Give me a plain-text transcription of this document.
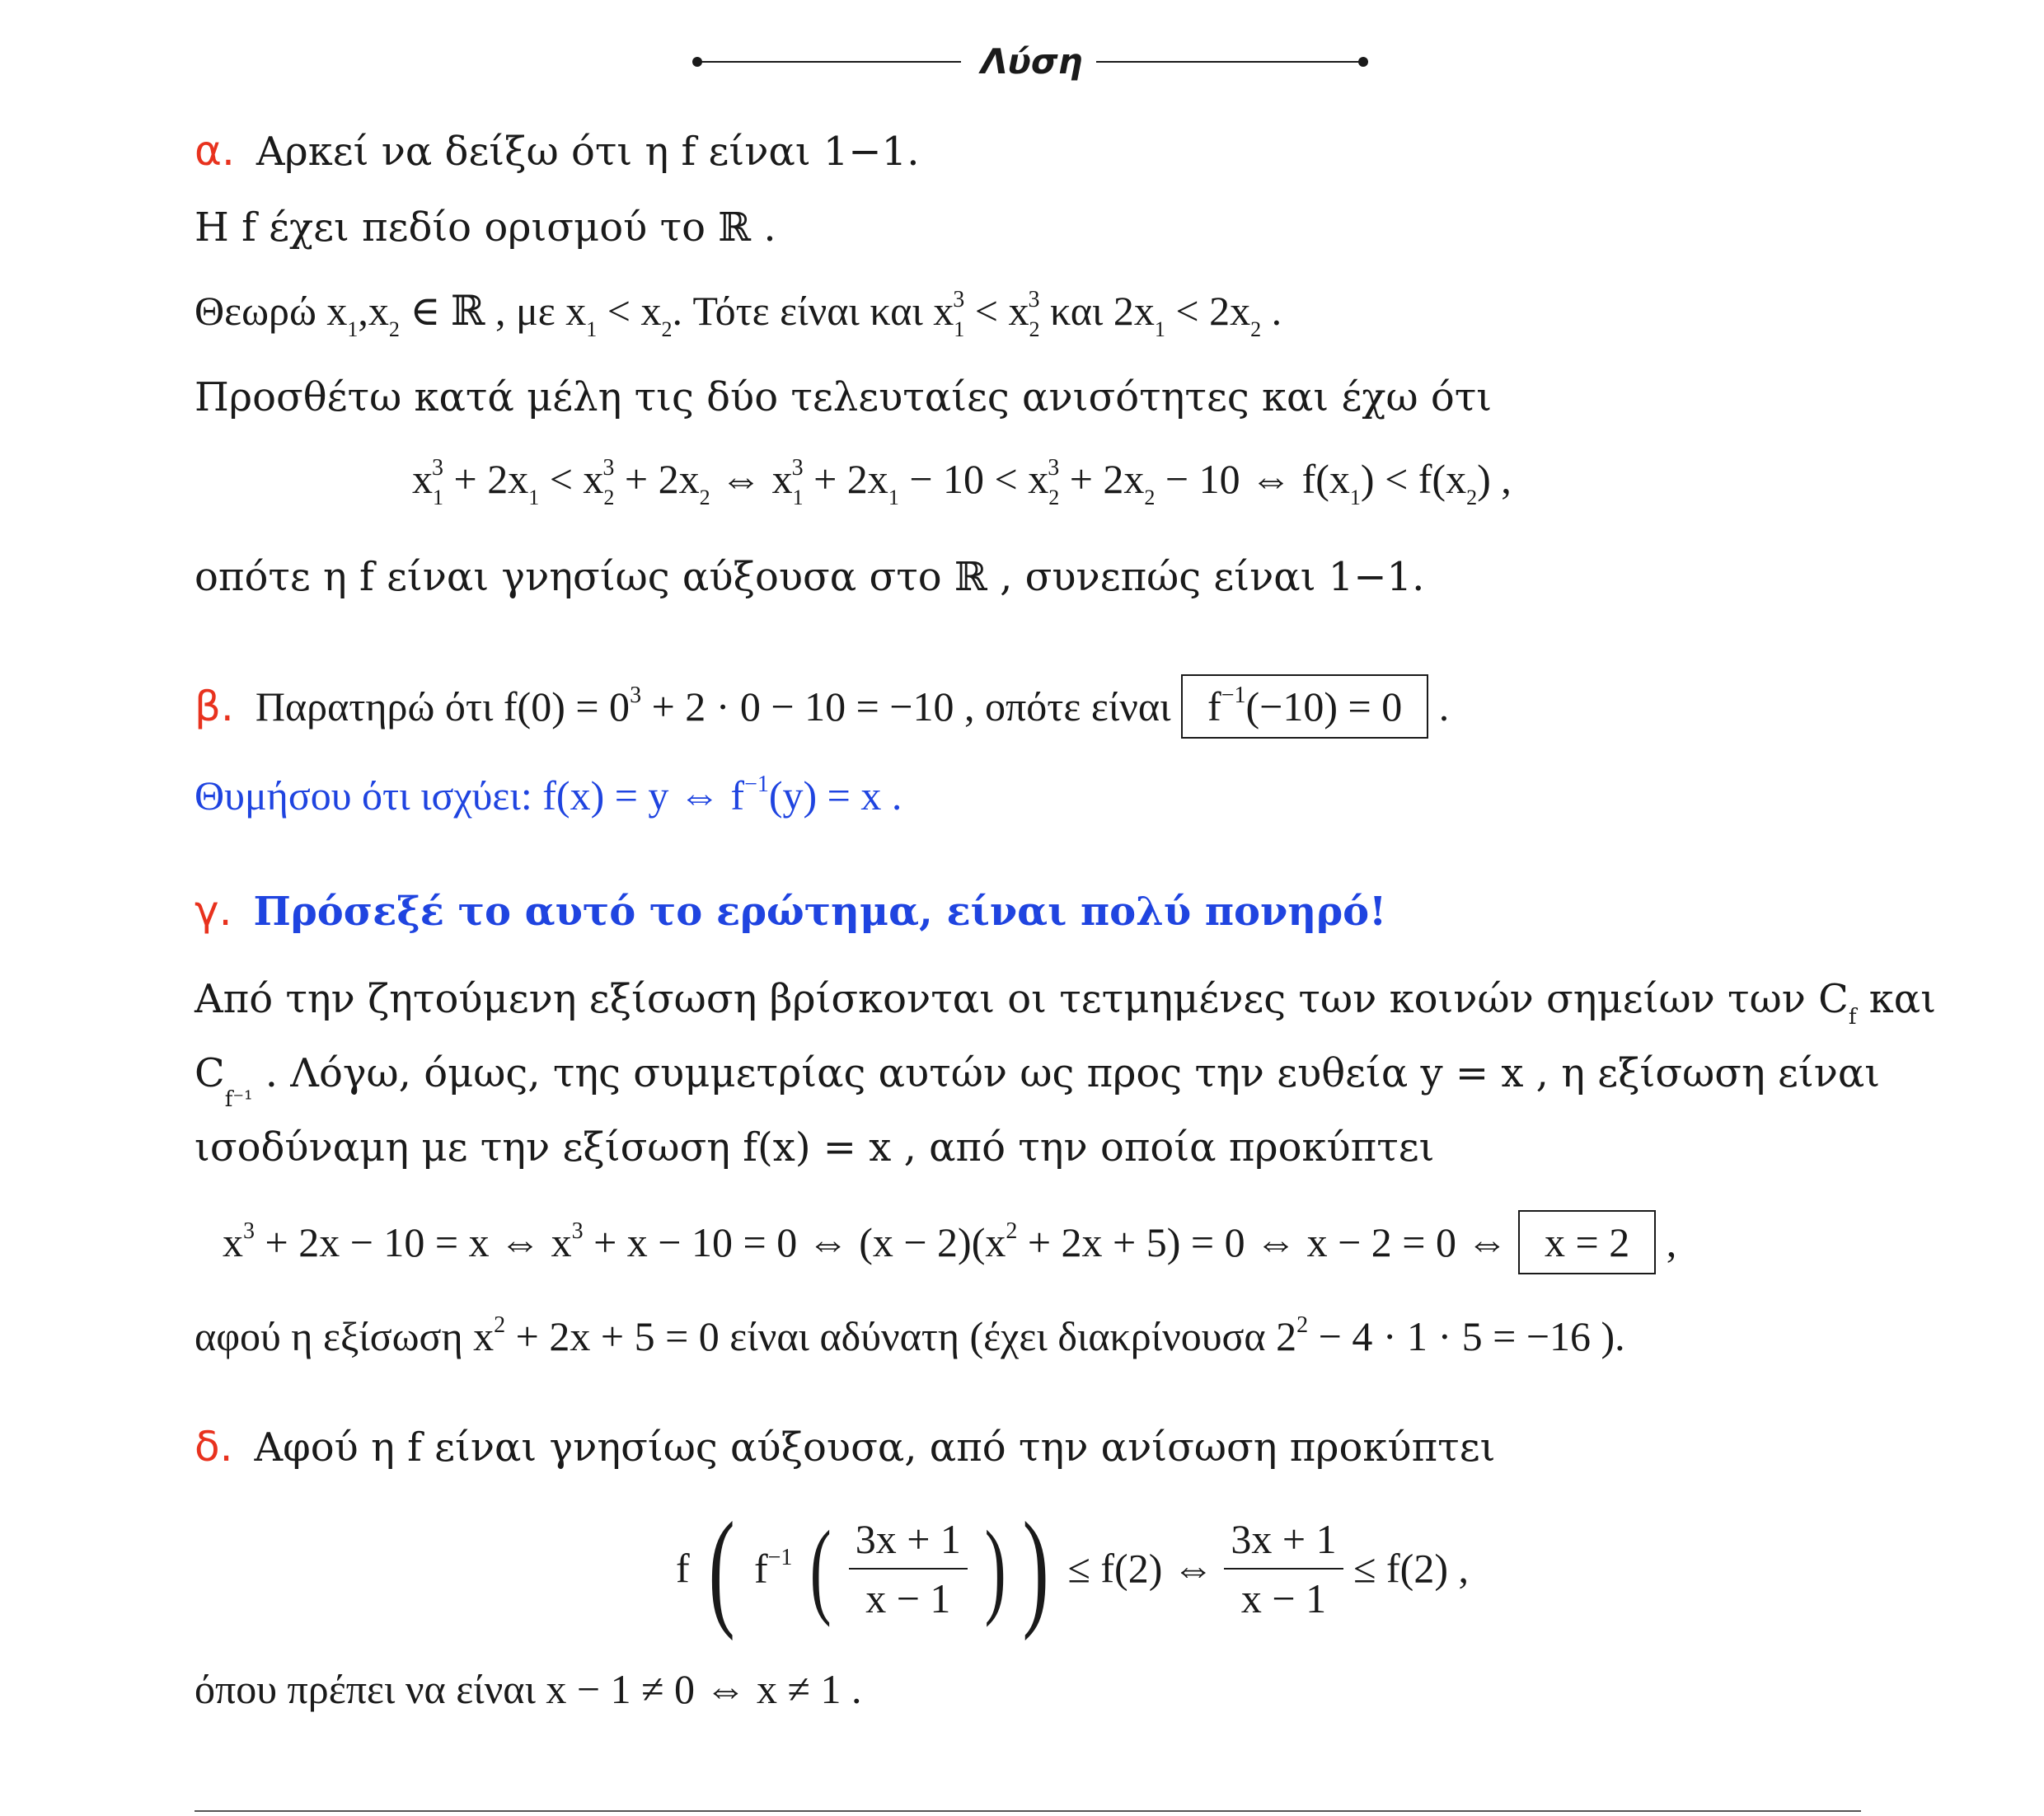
Λύση
α. Αρκεί να δείξω ότι η f είναι 1−1.
Η f έχει πεδίο ορισμού το ℝ .
Θεωρώ $x_1,x_2$ ∈ ℝ , με $x_1 < x_2$. Τότε είναι και $x_1^3 < x_2^3$ και $2x_1 < 2x_2$ .
Προσθέτω κατά μέλη τις δύο τελευταίες ανισότητες και έχω ότι
$x_1^3 + 2x_1 < x_2^3 + 2x_2$ ⇔ $x_1^3 + 2x_1 - 10 < x_2^3 + 2x_2 - 10$ ⇔ $f(x_1) < f(x_2)$ ,
οπότε η f είναι γνησίως αύξουσα στο ℝ , συνεπώς είναι 1−1.
β. Παρατηρώ ότι $f(0) = 0^3 + 2 \cdot 0 - 10 = -10$ , οπότε είναι $f^{-1}(-10) = 0$ .
Θυμήσου ότι ισχύει: f(x) = y ⇔ $f^{-1}(y) = x$ .
γ. Πρόσεξέ το αυτό το ερώτημα, είναι πολύ πονηρό!
Από την ζητούμενη εξίσωση βρίσκονται οι τετμημένες των κοινών σημείων των $C_f$ και
$C_{f^{-1}}$ . Λόγω, όμως, της συμμετρίας αυτών ως προς την ευθεία y = x , η εξίσωση είναι
ισοδύναμη με την εξίσωση f(x) = x , από την οποία προκύπτει
$x^3 + 2x - 10 = x$ ⇔ $x^3 + x - 10 = 0$ ⇔ $(x - 2)(x^2 + 2x + 5) = 0$ ⇔ x − 2 = 0 ⇔ x = 2 ,
αφού η εξίσωση $x^2 + 2x + 5 = 0$ είναι αδύνατη (έχει διακρίνουσα $2^2 - 4 \cdot 1 \cdot 5 = -16$ ).
δ. Αφού η f είναι γνησίως αύξουσα, από την ανίσωση προκύπτει
f ( $f^{-1}$ ( $\frac{3x + 1}{x - 1}$ ) ) ≤ f(2) ⇔ $\frac{3x + 1}{x - 1} \le f(2)$ ,
όπου πρέπει να είναι x − 1 ≠ 0 ⇔ x ≠ 1 .
